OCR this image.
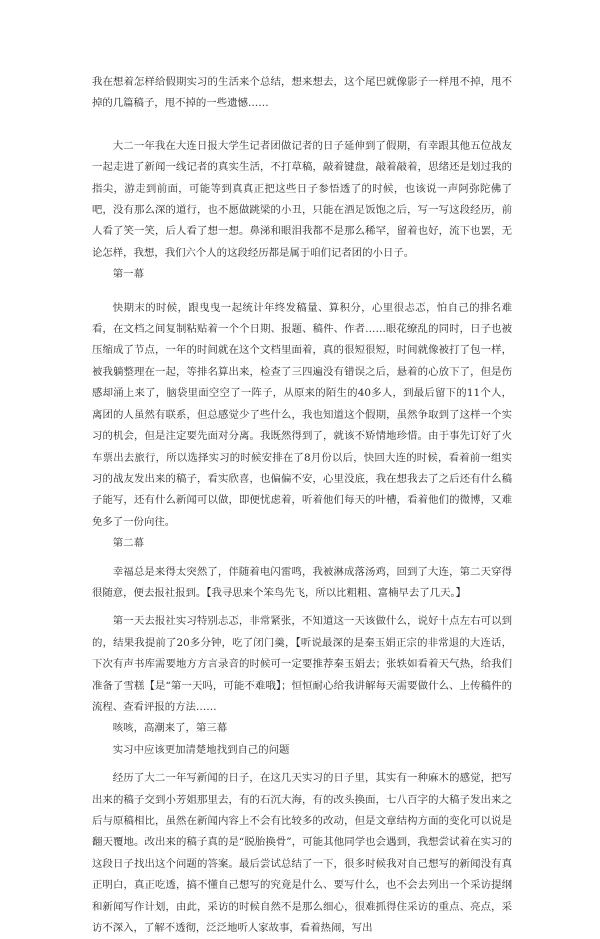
我在想着怎样给假期实习的生活来个总结，想来想去，这个尾巴就像影子一样甩不掉，甩不掉的几篇稿子，甩不掉的一些遗憾……

大二一年我在大连日报大学生记者团做记者的日子延伸到了假期，有幸跟其他五位战友一起走进了新闻一线记者的真实生活，不打草稿，敲着键盘，敲着敲着，思绪还是划过我的指尖，游走到前面，可能等到真真正把这些日子参悟透了的时候，也该说一声阿弥陀佛了吧，没有那么深的道行，也不愿做跳梁的小丑，只能在酒足饭饱之后，写一写这段经历，前人看了笑一笑，后人看了想一想。鼻涕和眼泪我都不是那么稀罕，留着也好，流下也罢，无论怎样，我想，我们六个人的这段经历都是属于咱们记者团的小日子。

第一幕

快期末的时候，跟曳曳一起统计年终发稿量、算积分，心里很忐忑，怕自己的排名难看，在文档之间复制粘贴着一个个日期、报题、稿件、作者……眼花缭乱的同时，日子也被压缩成了节点，一年的时间就在这个文档里面着，真的很短很短，时间就像被打了包一样，被我躺整理在一起，等排名算出来，检查了三四遍没有错误之后，悬着的心放下了，但是伤感却涌上来了，脑袋里面空空了一阵子，从原来的陌生的40多人，到最后留下的11个人，离团的人虽然有联系，但总感觉少了些什么，我也知道这个假期，虽然争取到了这样一个实习的机会，但是注定要先面对分离。我既然得到了，就该不矫情地珍惜。由于事先订好了火车票出去旅行，所以选择实习的时候安排在了8月份以后，快回大连的时候，看着前一组实习的战友发出来的稿子，看实欣喜，也偏偏不安，心里没底，我在想我去了之后还有什么稿子能写，还有什么新闻可以做，即便忧虑着，听着他们每天的叶槽，看着他们的微博，又难免多了一份向往。

第二幕

幸福总是来得太突然了，伴随着电闪雷鸣，我被淋成落汤鸡，回到了大连，第二天穿得很随意，便去报社报到。【我寻思来个笨鸟先飞，所以比粗粗、富楠早去了几天。】

第一天去报社实习特别忐忑，非常紧张，不知道这一天该做什么，说好十点左右可以到的，结果我提前了20多分钟，吃了闭门羹，【听说最深的是秦玉娟正宗的非常退的大连话，下次有声书库需要地方方言录音的时候可一定要推荐秦玉娟去；张轶如看着天气热，给我们准备了雪糕【是“第一天吗，可能不难哦】；恒恒耐心给我讲解每天需要做什么、上传稿件的流程、查看评报的方法……

咳咳，高潮来了，第三幕

实习中应该更加清楚地找到自己的问题

经历了大二一年写新闻的日子，在这几天实习的日子里，其实有一种麻木的感觉，把写出来的稿子交到小芳姐那里去，有的石沉大海，有的改头换面，七八百字的大稿子发出来之后与原稿相比，虽然在新闻内容上不会有比较多的改动，但是文章结构方面的变化可以说是翻天覆地。改出来的稿子真的是“脱胎换骨”，可能其他同学也会遇到，我想尝试着在实习的这段日子找出这个问题的答案。最后尝试总结了一下，很多时候我对自己想写的新闻没有真正明白，真正吃透，搞不懂自己想写的究竟是什么、要写什么，也不会去列出一个采访提纲和新闻写作计划，由此，采访的时候自然不是那么细心，很难抓得住采访的重点、亮点，采访不深入，了解不透彻，泛泛地听人家故事，看着热闹，写出
